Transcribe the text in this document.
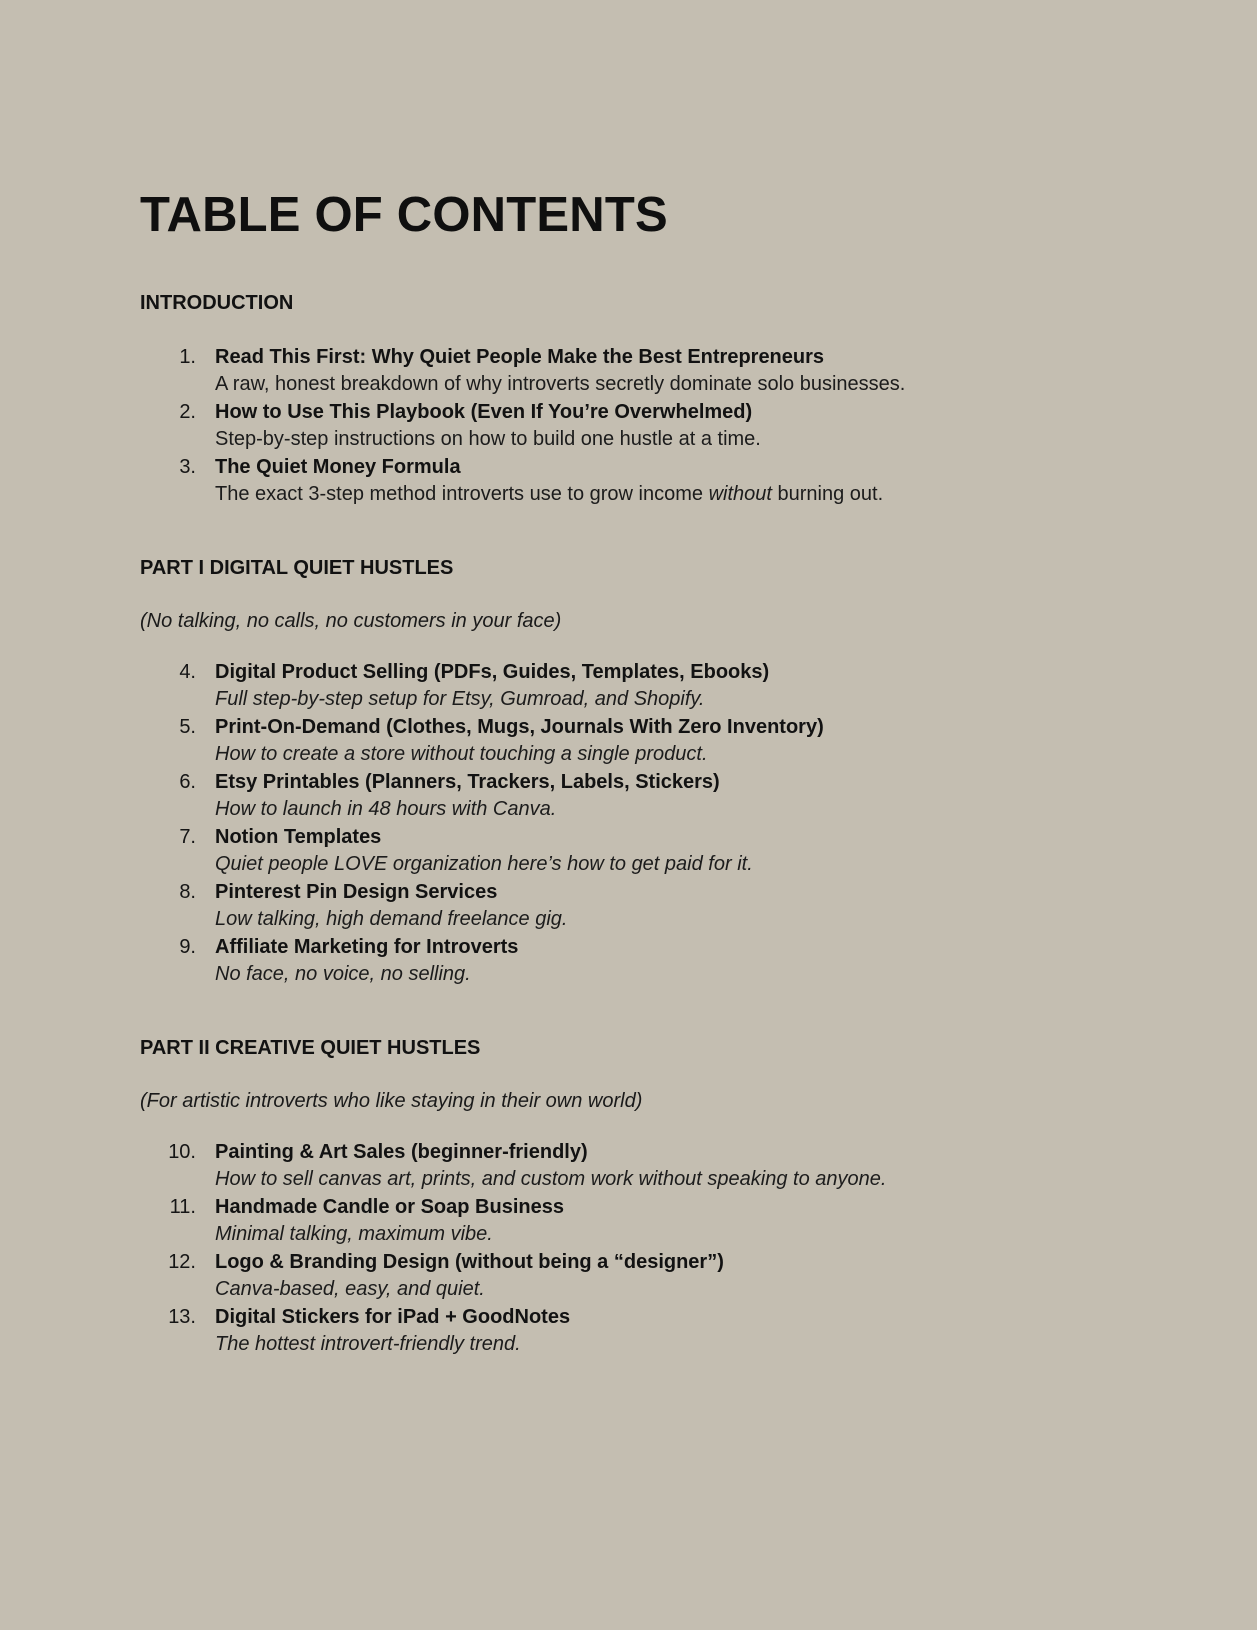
TABLE OF CONTENTS
INTRODUCTION
1. Read This First: Why Quiet People Make the Best Entrepreneurs
A raw, honest breakdown of why introverts secretly dominate solo businesses.
2. How to Use This Playbook (Even If You’re Overwhelmed)
Step-by-step instructions on how to build one hustle at a time.
3. The Quiet Money Formula
The exact 3-step method introverts use to grow income without burning out.
PART I DIGITAL QUIET HUSTLES

(No talking, no calls, no customers in your face)

4. Digital Product Selling (PDFs, Guides, Templates, Ebooks)
Full step-by-step setup for Etsy, Gumroad, and Shopify.
5. Print-On-Demand (Clothes, Mugs, Journals With Zero Inventory)
How to create a store without touching a single product.
6. Etsy Printables (Planners, Trackers, Labels, Stickers)
How to launch in 48 hours with Canva.
7. Notion Templates
Quiet people LOVE organization here’s how to get paid for it.
8. Pinterest Pin Design Services
Low talking, high demand freelance gig.
9. Affiliate Marketing for Introverts
No face, no voice, no selling.
PART II CREATIVE QUIET HUSTLES

(For artistic introverts who like staying in their own world)

10. Painting & Art Sales (beginner-friendly)
How to sell canvas art, prints, and custom work without speaking to anyone.
11. Handmade Candle or Soap Business
Minimal talking, maximum vibe.
12. Logo & Branding Design (without being a “designer”)
Canva-based, easy, and quiet.
13. Digital Stickers for iPad + GoodNotes
The hottest introvert-friendly trend.
